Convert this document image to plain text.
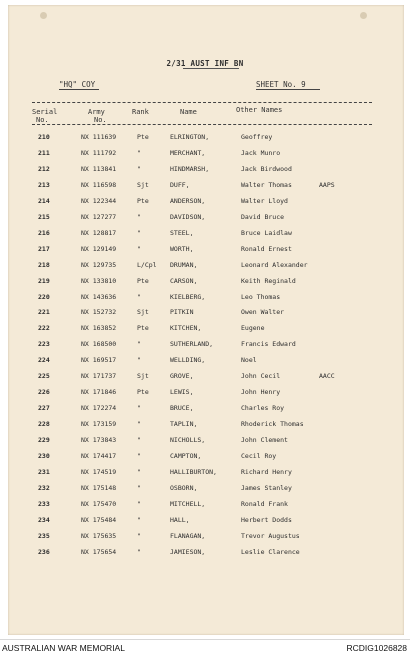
2/31 AUST INF BN
"HQ" COY	SHEET No. 9
Serial
No.
Army
No.
Rank	Name	Other Names
210	NX 111639	Pte	ELRINGTON,	Geoffrey
211	NX 111792	"	MERCHANT,	Jack Munro
212	NX 113841	"	HINDMARSH,	Jack Birdwood
213	NX 116598	Sjt	DUFF,	Walter Thomas	AAPS
214	NX 122344	Pte	ANDERSON,	Walter Lloyd
215	NX 127277	"	DAVIDSON,	David Bruce
216	NX 128817	"	STEEL,	Bruce Laidlaw
217	NX 129149	"	WORTH,	Ronald Ernest
218	NX 129735	L/Cpl DRUMAN,	Leonard Alexander
219	NX 133810	Pte	CARSON,	Keith Reginald
220	NX 143636	"	KIELBERG,	Leo Thomas
221	NX 152732	Sjt	PITKIN	Owen Walter
222	NX 163852	Pte	KITCHEN,	Eugene
223	NX 168500	"	SUTHERLAND,	Francis Edward
224	NX 169517	"	WELLDING,	Noel
225	NX 171737	Sjt	GROVE,	John Cecil	AACC
226	NX 171846	Pte	LEWIS,	John Henry
227	NX 172274	"	BRUCE,	Charles Roy
228	NX 173159	"	TAPLIN,	Rhoderick Thomas
229	NX 173843	"	NICHOLLS,	John Clement
230	NX 174417	"	CAMPTON,	Cecil Roy
231	NX 174519	"	HALLIBURTON,	Richard Henry
232	NX 175148	"	OSBORN,	James Stanley
233	NX 175470	"	MITCHELL,	Ronald Frank
234	NX 175484	"	HALL,	Herbert Dodds
235	NX 175635	"	FLANAGAN,	Trevor Augustus
236	NX 175654	"	JAMIESON,	Leslie Clarence
AUSTRALIAN WAR MEMORIAL	RCDIG1026828
